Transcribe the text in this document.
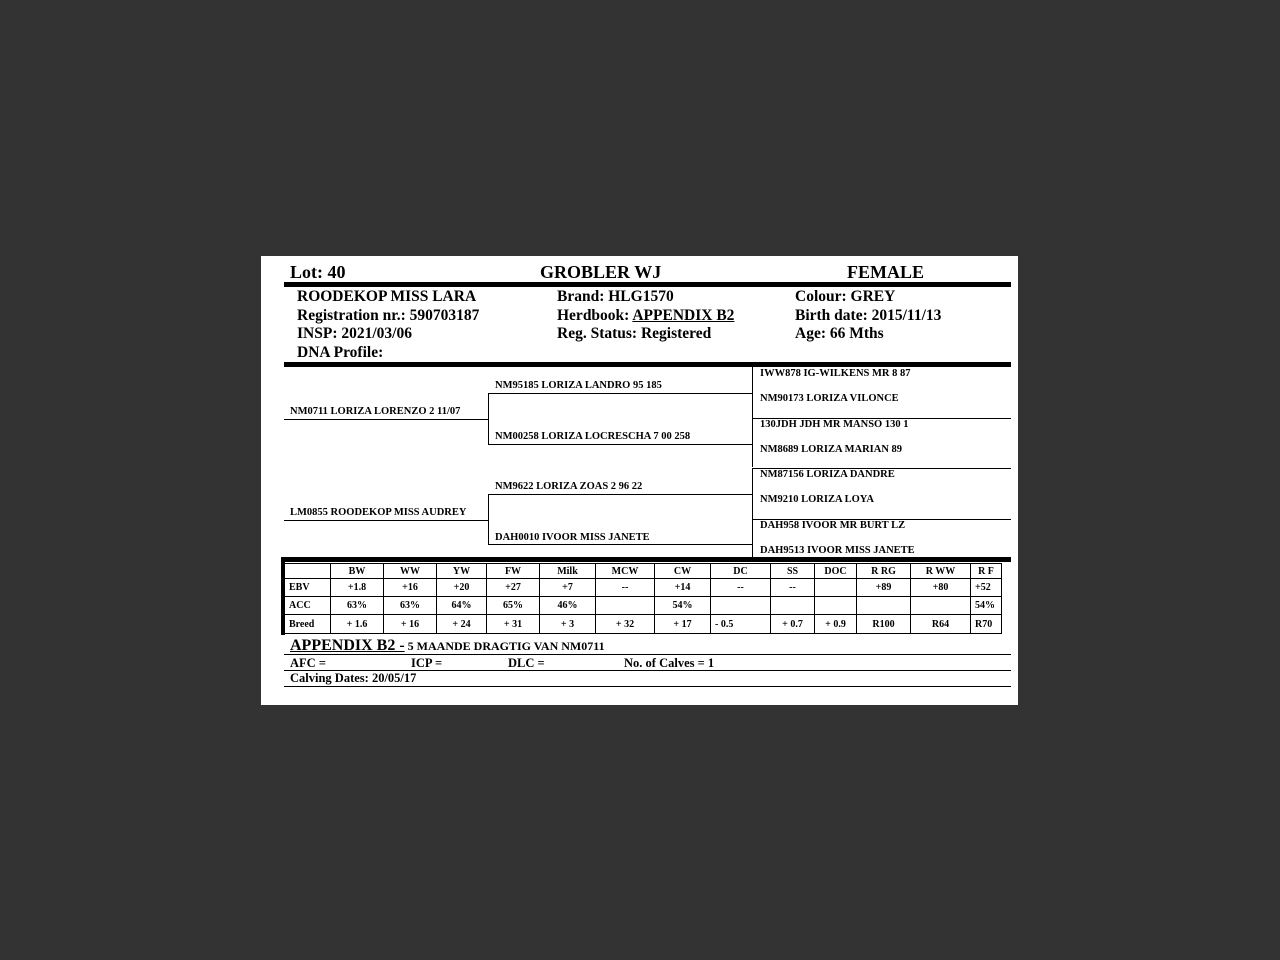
Lot: 40	GROBLER WJ	FEMALE
ROODEKOP MISS LARA
Registration nr.: 590703187
INSP: 2021/03/06
DNA Profile:
Brand: HLG1570
Herdbook: APPENDIX B2
Reg. Status: Registered
Colour: GREY
Birth date: 2015/11/13
Age: 66 Mths
NM0711 LORIZA LORENZO 2 11/07
LM0855 ROODEKOP MISS AUDREY
NM95185 LORIZA LANDRO 95 185
NM00258 LORIZA LOCRESCHA 7 00 258
NM9622 LORIZA ZOAS 2 96 22
DAH0010 IVOOR MISS JANETE
IWW878 IG-WILKENS MR 8 87
NM90173 LORIZA VILONCE
130JDH JDH MR MANSO 130 1
NM8689 LORIZA MARIAN 89
NM87156 LORIZA DANDRE
NM9210 LORIZA LOYA
DAH958 IVOOR MR BURT LZ
DAH9513 IVOOR MISS JANETE
	BW	WW	YW	FW	Milk	MCW	CW	DC	SS	DOC	R RG	R WW	R F
EBV	+1.8	+16	+20	+27	+7	--	+14	--	--		+89	+80	+52
ACC	63%	63%	64%	65%	46%		54%						54%
Breed	+ 1.6	+ 16	+ 24	+ 31	+ 3	+ 32	+ 17	- 0.5	+ 0.7	+ 0.9	R100	R64	R70
APPENDIX B2 - 5 MAANDE DRAGTIG VAN NM0711
AFC =	ICP =	DLC =	No. of Calves = 1
Calving Dates: 20/05/17
